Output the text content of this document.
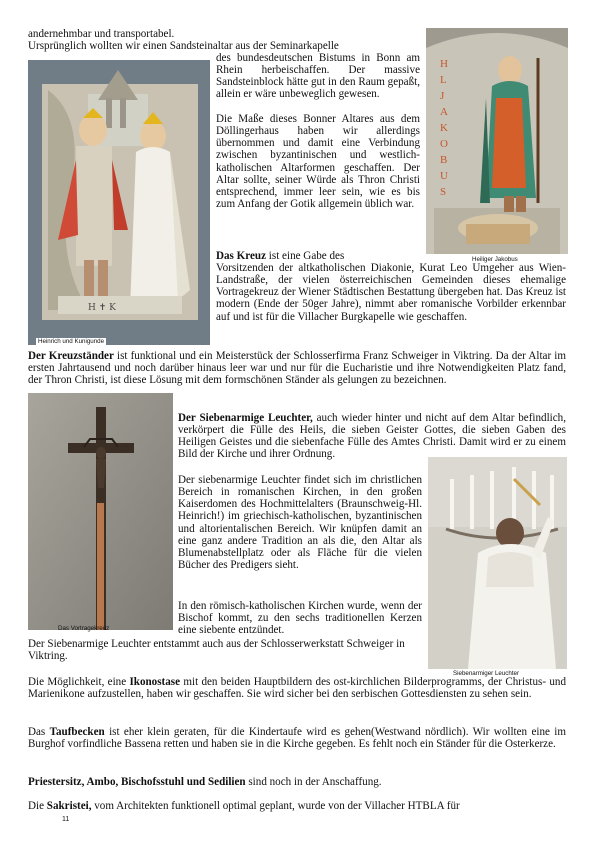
H ✝ K
Heinrich und Kunigunde
H L J A K O B U S
Heiliger Jakobus
Das Vortragekreuz
Siebenarmiger Leuchter

andernehmbar und transportabel.

Ursprünglich wollten wir einen Sandsteinaltar aus der Seminarkapelle

des bundesdeutschen Bistums in Bonn am Rhein herbeischaffen. Der massive Sandsteinblock hätte gut in den Raum gepaßt, allein er wäre unbeweglich gewesen.

Die Maße dieses Bonner Altares aus dem Döllingerhaus haben wir allerdings übernommen und damit eine Verbindung zwischen byzantinischen und westlich-katholischen Altarformen geschaffen. Der Altar sollte, seiner Würde als Thron Christi entsprechend, immer leer sein, wie es bis zum Anfang der Gotik allgemein üblich war.

Das Kreuz ist eine Gabe des

Vorsitzenden der altkatholischen Diakonie, Kurat Leo Umgeher aus Wien-Landstraße, der vielen österreichischen Gemeinden dieses ehemalige Vortragekreuz der Wiener Städtischen Bestattung übergeben hat. Das Kreuz ist modern (Ende der 50ger Jahre), nimmt aber romanische Vorbilder erkennbar auf und ist für die Villacher Burgkapelle wie geschaffen.

Der Kreuzständer ist funktional und ein Meisterstück der Schlosserfirma Franz Schweiger in Viktring. Da der Altar im ersten Jahrtausend und noch darüber hinaus leer war und nur für die Eucharistie und ihre Notwendigkeiten Platz fand, der Thron Christi, ist diese Lösung mit dem formschönen Ständer als gelungen zu bezeichnen.

Der Siebenarmige Leuchter, auch wieder hinter und nicht auf dem Altar befindlich, verkörpert die Fülle des Heils, die sieben Geister Gottes, die sieben Gaben des Heiligen Geistes und die siebenfache Fülle des Amtes Christi. Damit wird er zu einem Bild der Kirche und ihrer Ordnung.

Der siebenarmige Leuchter findet sich im christlichen Bereich in romanischen Kirchen, in den großen Kaiserdomen des Hochmittelalters (Braunschweig-Hl. Heinrich!) im griechisch-katholischen, byzantinischen und altorientalischen Bereich. Wir knüpfen damit an eine ganz andere Tradition an als die, den Altar als Blumenabstellplatz oder als Fläche für die vielen Bücher des Predigers sieht.

In den römisch-katholischen Kirchen wurde, wenn der Bischof kommt, zu den sechs traditionellen Kerzen eine siebente entzündet.

Der Siebenarmige Leuchter entstammt auch aus der Schlosserwerkstatt Schweiger in Viktring.

Die Möglichkeit, eine Ikonostase mit den beiden Hauptbildern des ost-kirchlichen Bilderprogramms, der Christus- und Marienikone aufzustellen, haben wir geschaffen. Sie wird sicher bei den serbischen Gottesdiensten zu sehen sein.

Das Taufbecken ist eher klein geraten, für die Kindertaufe wird es gehen(Westwand nördlich). Wir wollten eine im Burghof vorfindliche Bassena retten und haben sie in die Kirche gegeben. Es fehlt noch ein Ständer für die Osterkerze.

Priestersitz, Ambo, Bischofsstuhl und Sedilien sind noch in der Anschaffung.

Die Sakristei, vom Architekten funktionell optimal geplant, wurde von der Villacher HTBLA für

11
